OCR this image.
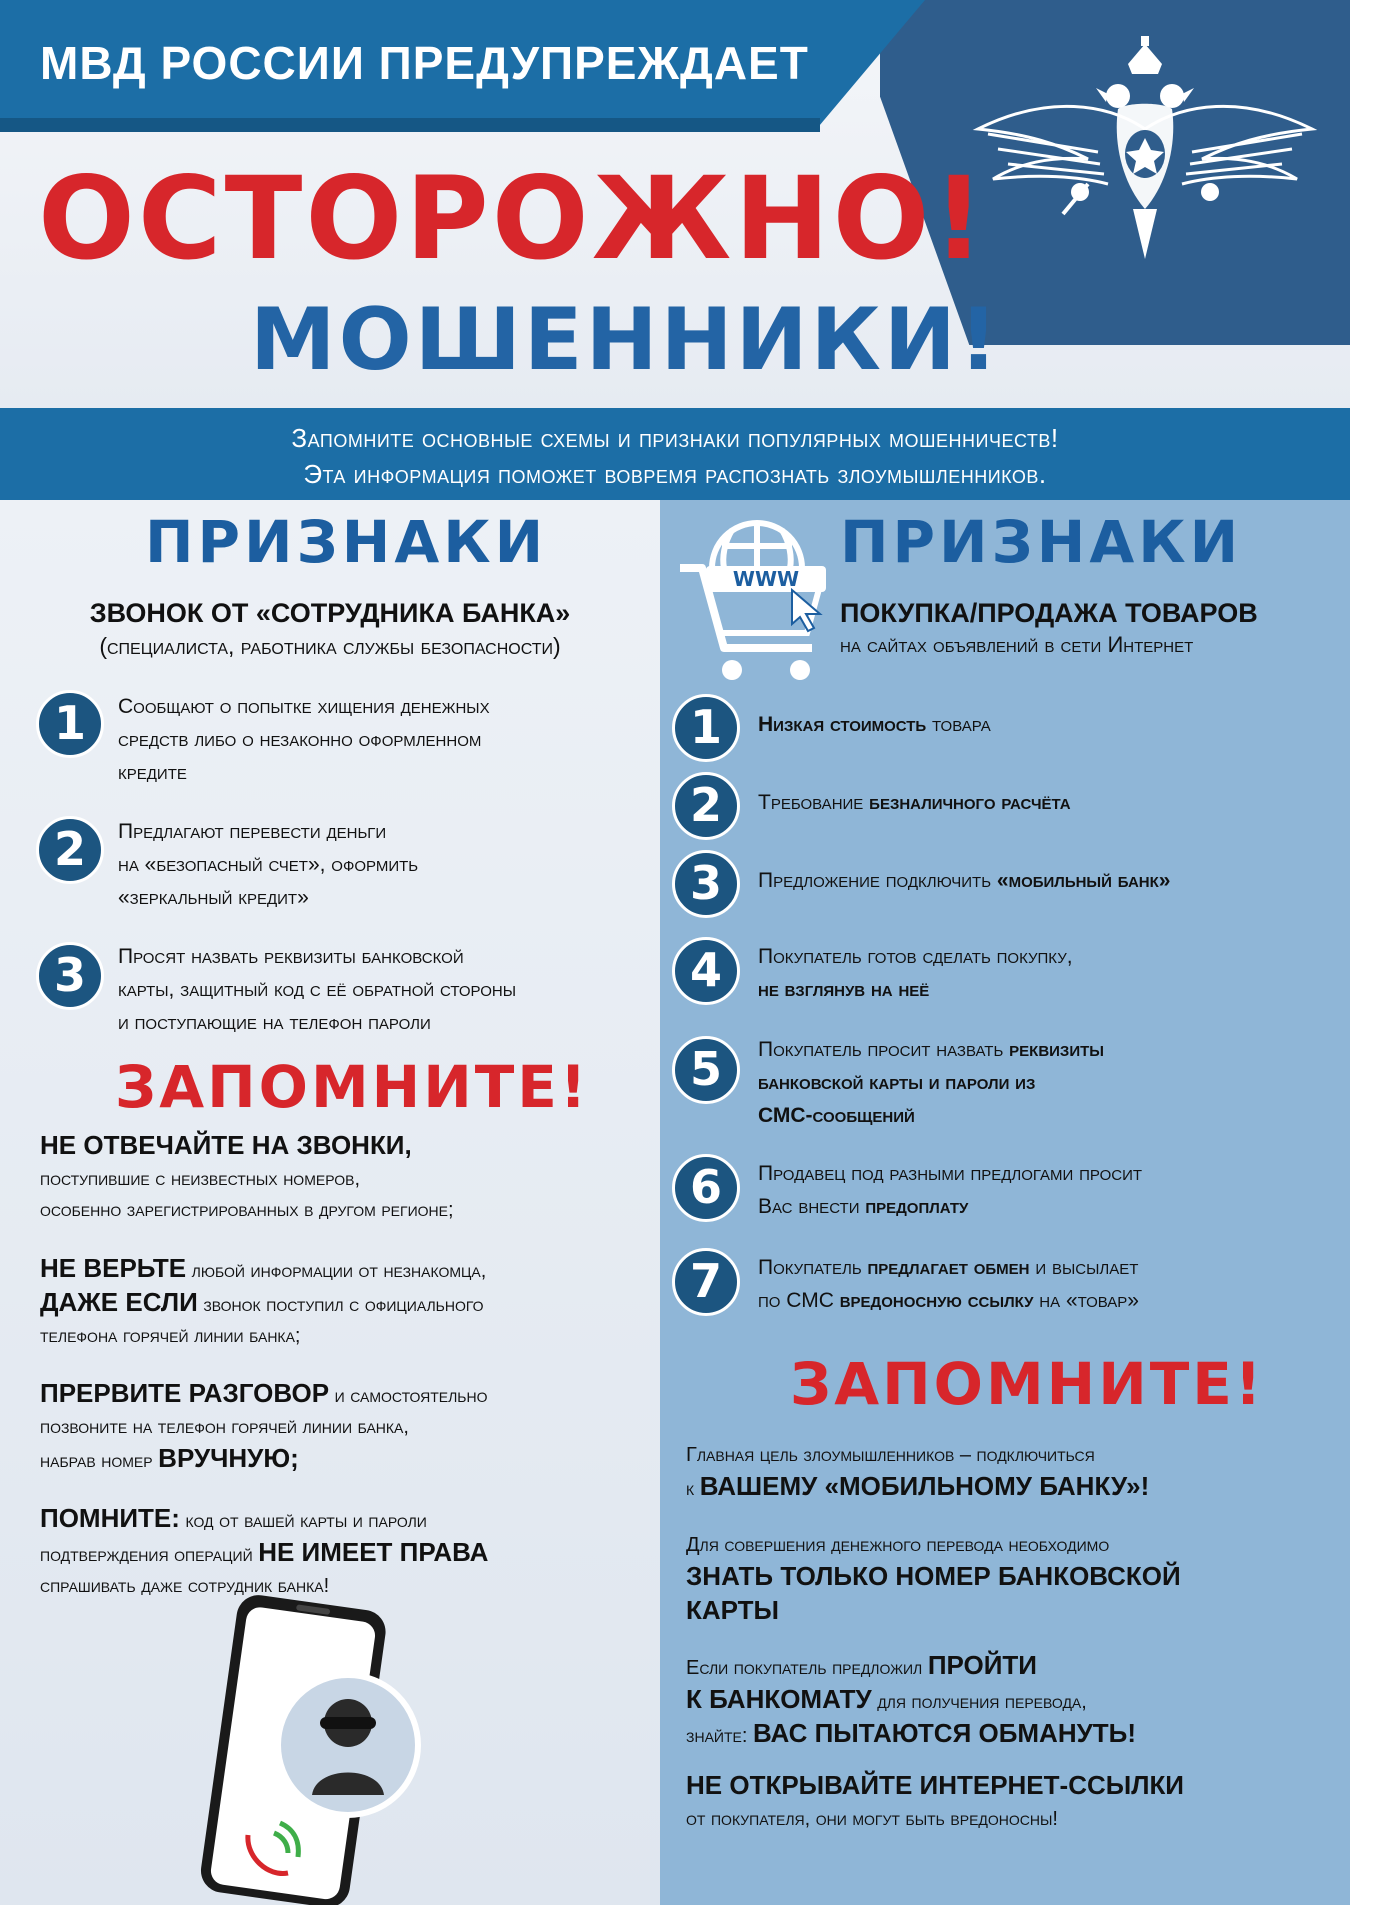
МВД РОССИИ ПРЕДУПРЕЖДАЕТ
ОСТОРОЖНО!
МОШЕННИКИ!
Запомните основные схемы и признаки популярных мошенничеств!
Эта информация поможет вовремя распознать злоумышленников.
ПРИЗНАКИ
ЗВОНОК ОТ «СОТРУДНИКА БАНКА»
(специалиста, работника службы безопасности)
1	Сообщают о попытке хищения денежных
средств либо о незаконно оформленном
кредите
2	Предлагают перевести деньги
на «безопасный счет», оформить
«зеркальный кредит»
3	Просят назвать реквизиты банковской
карты, защитный код с её обратной стороны
и поступающие на телефон пароли
ЗАПОМНИТЕ!
НЕ ОТВЕЧАЙТЕ НА ЗВОНКИ,
поступившие с неизвестных номеров,
особенно зарегистрированных в другом регионе;
НЕ ВЕРЬТЕ любой информации от незнакомца,
ДАЖЕ ЕСЛИ звонок поступил с официального
телефона горячей линии банка;
ПРЕРВИТЕ РАЗГОВОР и самостоятельно
позвоните на телефон горячей линии банка,
набрав номер ВРУЧНУЮ;
ПОМНИТЕ: код от вашей карты и пароли
подтверждения операций НЕ ИМЕЕТ ПРАВА
спрашивать даже сотрудник банка!
WWW
ПРИЗНАКИ
ПОКУПКА/ПРОДАЖА ТОВАРОВ
на сайтах объявлений в сети Интернет
1	Низкая стоимость товара
2	Требование безналичного расчёта
3	Предложение подключить «мобильный банк»
4	Покупатель готов сделать покупку,
не взглянув на неё
5	Покупатель просит назвать реквизиты
банковской карты и пароли из
СМС-сообщений
6	Продавец под разными предлогами просит
Вас внести предоплату
7	Покупатель предлагает обмен и высылает
по СМС вредоносную ссылку на «товар»
ЗАПОМНИТЕ!
Главная цель злоумышленников – подключиться
к ВАШЕМУ «МОБИЛЬНОМУ БАНКУ»!
Для совершения денежного перевода необходимо
ЗНАТЬ ТОЛЬКО НОМЕР БАНКОВСКОЙ
КАРТЫ
Если покупатель предложил ПРОЙТИ
К БАНКОМАТУ для получения перевода,
знайте: ВАС ПЫТАЮТСЯ ОБМАНУТЬ!
НЕ ОТКРЫВАЙТЕ ИНТЕРНЕТ-ССЫЛКИ
от покупателя, они могут быть вредоносны!
